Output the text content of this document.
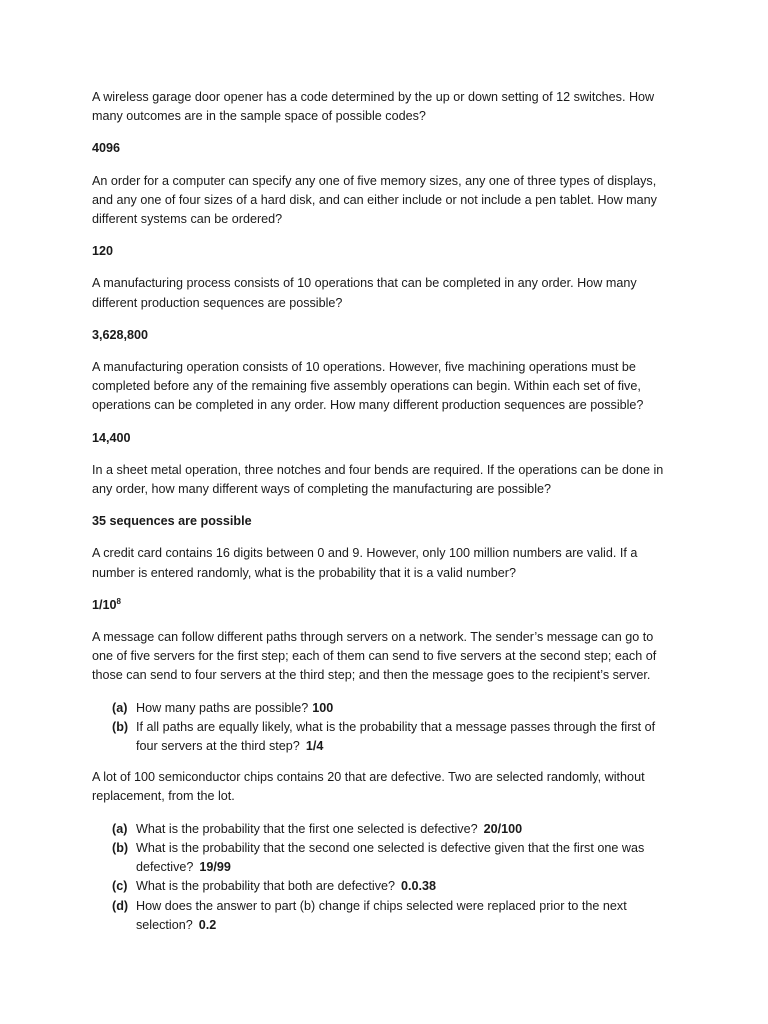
A wireless garage door opener has a code determined by the up or down setting of 12 switches. How many outcomes are in the sample space of possible codes?

4096

An order for a computer can specify any one of five memory sizes, any one of three types of displays, and any one of four sizes of a hard disk, and can either include or not include a pen tablet. How many different systems can be ordered?

120

A manufacturing process consists of 10 operations that can be completed in any order. How many different production sequences are possible?

3,628,800

A manufacturing operation consists of 10 operations. However, five machining operations must be completed before any of the remaining five assembly operations can begin. Within each set of five, operations can be completed in any order. How many different production sequences are possible?

14,400

In a sheet metal operation, three notches and four bends are required. If the operations can be done in any order, how many different ways of completing the manufacturing are possible?

35 sequences are possible

A credit card contains 16 digits between 0 and 9. However, only 100 million numbers are valid. If a number is entered randomly, what is the probability that it is a valid number?

$1/10^8$

A message can follow different paths through servers on a network. The sender’s message can go to one of five servers for the first step; each of them can send to five servers at the second step; each of those can send to four servers at the third step; and then the message goes to the recipient’s server.

(a) How many paths are possible? 100
(b) If all paths are equally likely, what is the probability that a message passes through the first of four servers at the third step? 1/4

A lot of 100 semiconductor chips contains 20 that are defective. Two are selected randomly, without replacement, from the lot.

(a) What is the probability that the first one selected is defective? 20/100
(b) What is the probability that the second one selected is defective given that the first one was defective? 19/99
(c) What is the probability that both are defective? 0.0.38
(d) How does the answer to part (b) change if chips selected were replaced prior to the next selection? 0.2
